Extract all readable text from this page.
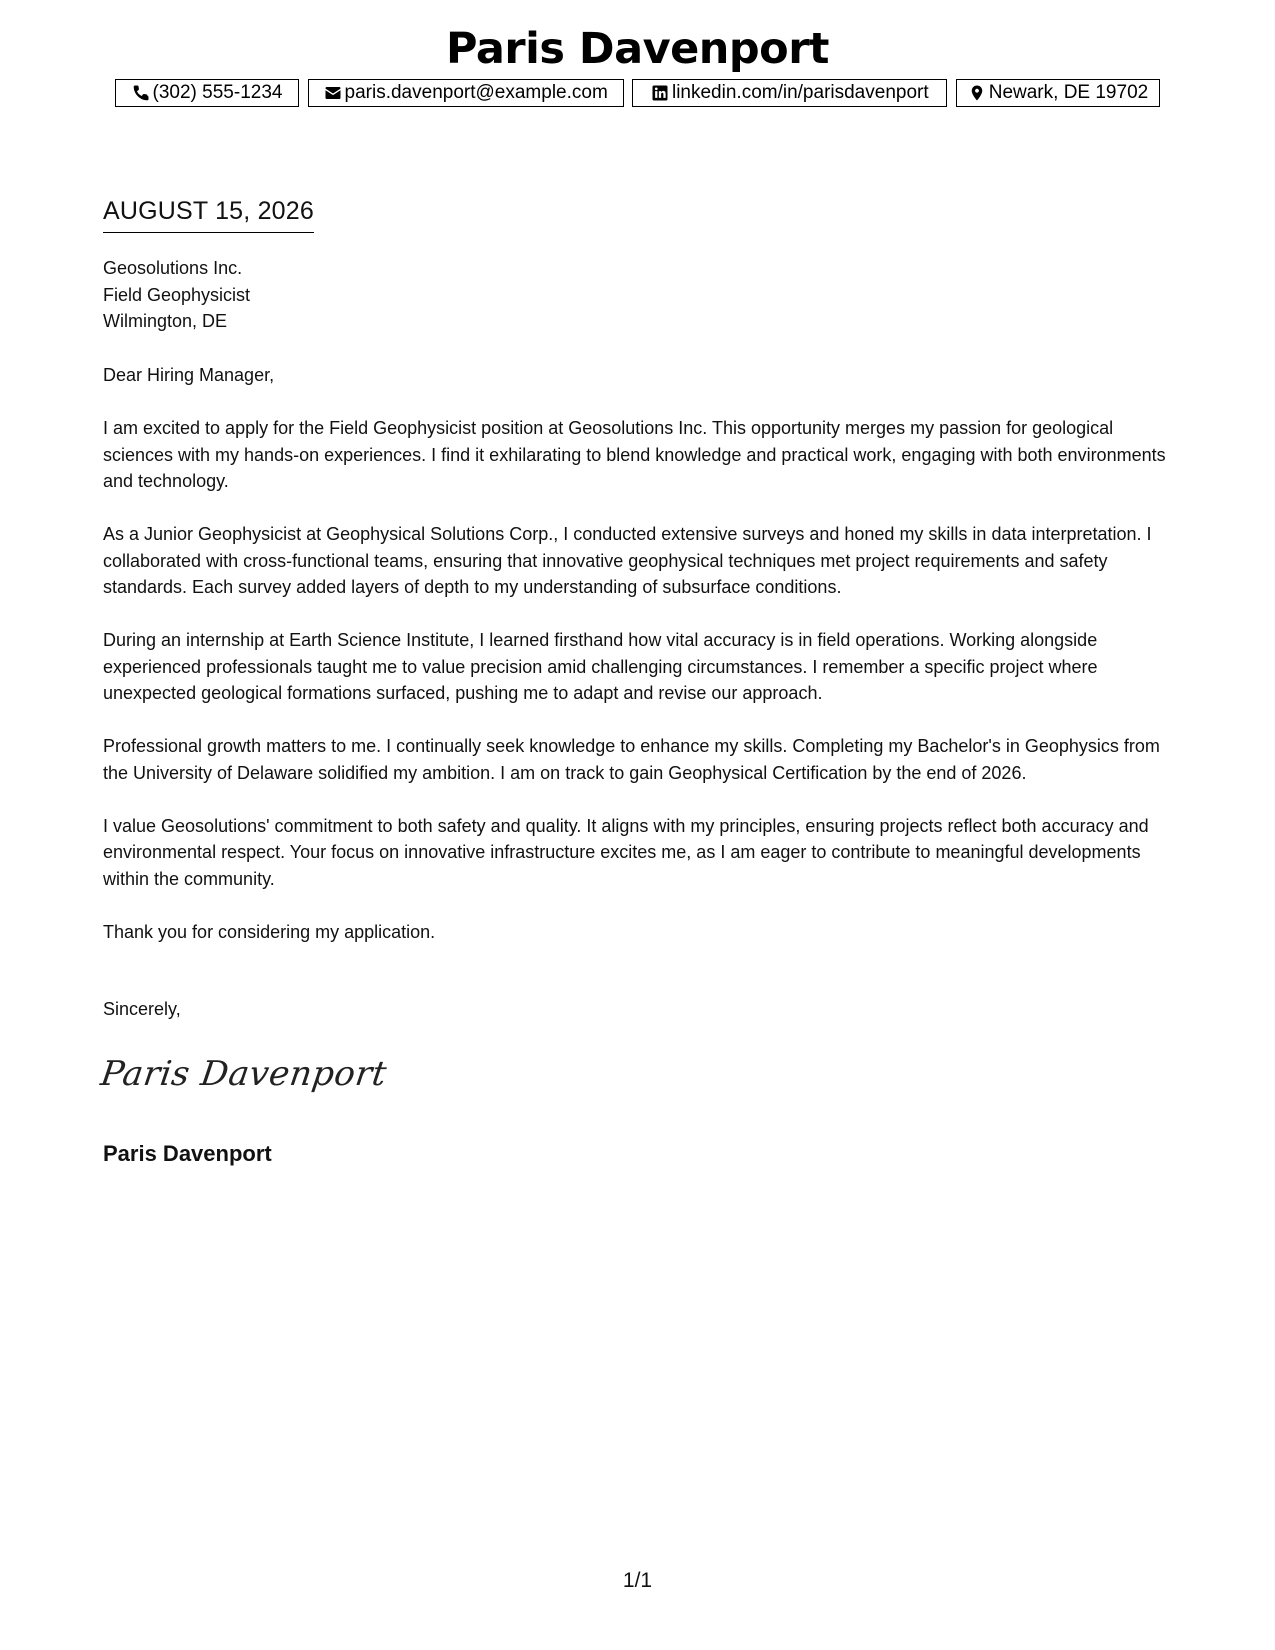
Paris Davenport
(302) 555-1234	paris.davenport@example.com	linkedin.com/in/parisdavenport	Newark, DE 19702
AUGUST 15, 2026
Geosolutions Inc.
Field Geophysicist
Wilmington, DE

Dear Hiring Manager,

I am excited to apply for the Field Geophysicist position at Geosolutions Inc. This opportunity merges my passion for geological sciences with my hands-on experiences. I find it exhilarating to blend knowledge and practical work, engaging with both environments and technology.

As a Junior Geophysicist at Geophysical Solutions Corp., I conducted extensive surveys and honed my skills in data interpretation. I collaborated with cross-functional teams, ensuring that innovative geophysical techniques met project requirements and safety standards. Each survey added layers of depth to my understanding of subsurface conditions.

During an internship at Earth Science Institute, I learned firsthand how vital accuracy is in field operations. Working alongside experienced professionals taught me to value precision amid challenging circumstances. I remember a specific project where unexpected geological formations surfaced, pushing me to adapt and revise our approach.

Professional growth matters to me. I continually seek knowledge to enhance my skills. Completing my Bachelor's in Geophysics from the University of Delaware solidified my ambition. I am on track to gain Geophysical Certification by the end of 2026.

I value Geosolutions' commitment to both safety and quality. It aligns with my principles, ensuring projects reflect both accuracy and environmental respect. Your focus on innovative infrastructure excites me, as I am eager to contribute to meaningful developments within the community.

Thank you for considering my application.

Sincerely,
Paris Davenport
Paris Davenport
1/1
